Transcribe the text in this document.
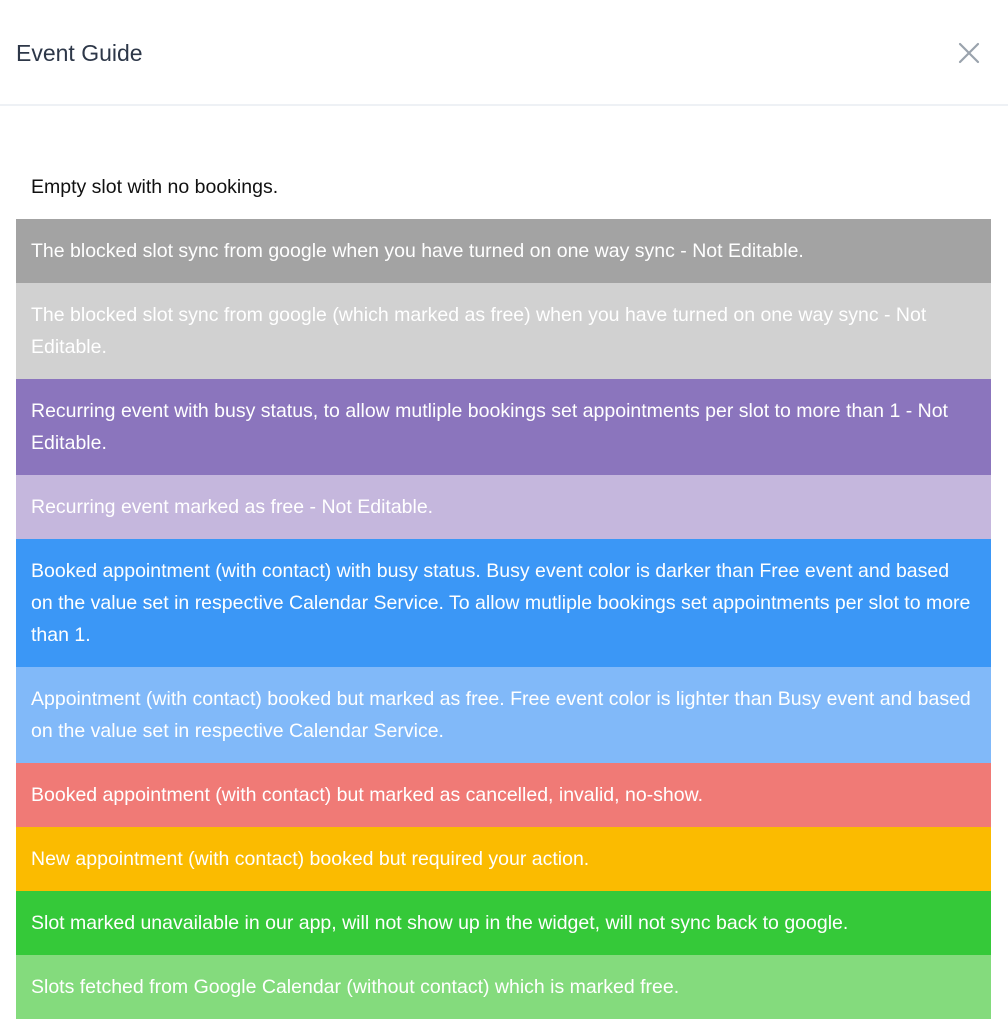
Event Guide
Empty slot with no bookings.
The blocked slot sync from google when you have turned on one way sync - Not Editable.
The blocked slot sync from google (which marked as free) when you have turned on one way sync - Not Editable.
Recurring event with busy status, to allow mutliple bookings set appointments per slot to more than 1 - Not Editable.
Recurring event marked as free - Not Editable.
Booked appointment (with contact) with busy status. Busy event color is darker than Free event and based on the value set in respective Calendar Service. To allow mutliple bookings set appointments per slot to more than 1.
Appointment (with contact) booked but marked as free. Free event color is lighter than Busy event and based on the value set in respective Calendar Service.
Booked appointment (with contact) but marked as cancelled, invalid, no-show.
New appointment (with contact) booked but required your action.
Slot marked unavailable in our app, will not show up in the widget, will not sync back to google.
Slots fetched from Google Calendar (without contact) which is marked free.
